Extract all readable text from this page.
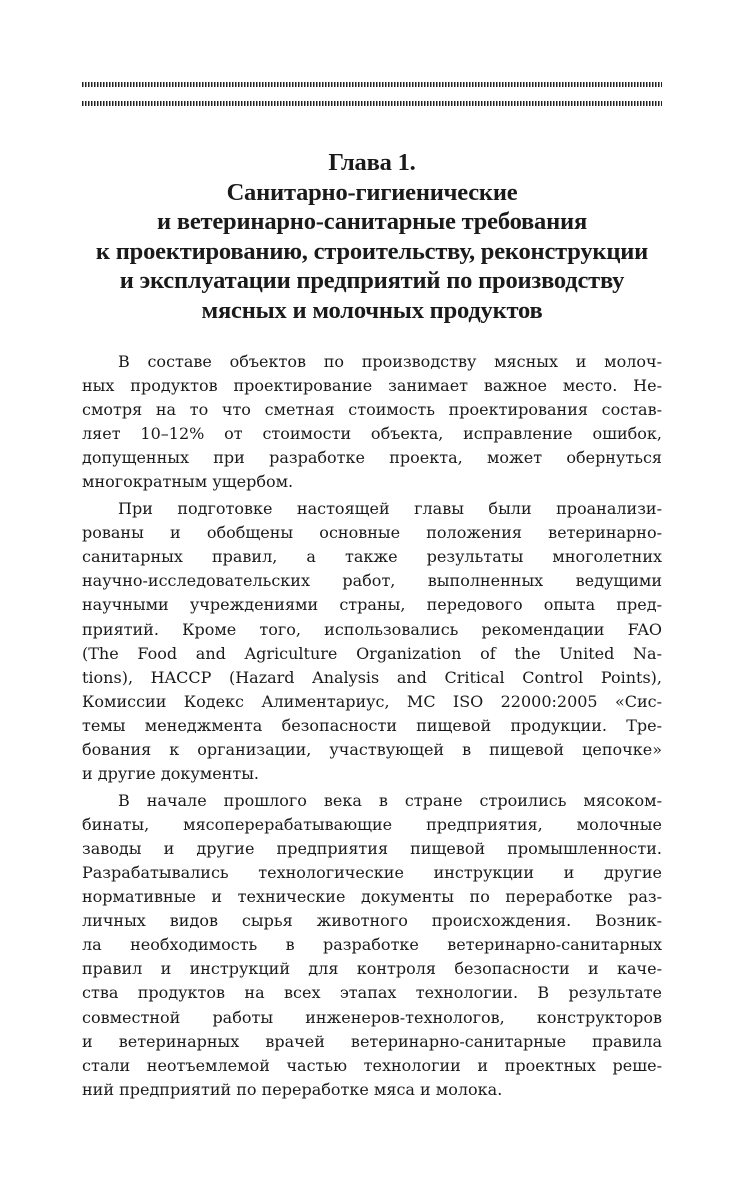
Глава 1.
Санитарно-гигиенические
и ветеринарно-санитарные требования
к проектированию, строительству, реконструкции
и эксплуатации предприятий по производству
мясных и молочных продуктов
В составе объектов по производству мясных и молоч-
ных продуктов проектирование занимает важное место. Не-
смотря на то что сметная стоимость проектирования состав-
ляет 10–12% от стоимости объекта, исправление ошибок,
допущенных при разработке проекта, может обернуться
многократным ущербом.
При подготовке настоящей главы были проанализи-
рованы и обобщены основные положения ветеринарно-
санитарных правил, а также результаты многолетних
научно-исследовательских работ, выполненных ведущими
научными учреждениями страны, передового опыта пред-
приятий. Кроме того, использовались рекомендации FAO
(The Food and Agriculture Organization of the United Na-
tions), HACCP (Hazard Analysis and Critical Control Points),
Комиссии Кодекс Алиментариус, МС ISO 22000:2005 «Сис-
темы менеджмента безопасности пищевой продукции. Тре-
бования к организации, участвующей в пищевой цепочке»
и другие документы.
В начале прошлого века в стране строились мясоком-
бинаты, мясоперерабатывающие предприятия, молочные
заводы и другие предприятия пищевой промышленности.
Разрабатывались технологические инструкции и другие
нормативные и технические документы по переработке раз-
личных видов сырья животного происхождения. Возник-
ла необходимость в разработке ветеринарно-санитарных
правил и инструкций для контроля безопасности и каче-
ства продуктов на всех этапах технологии. В результате
совместной работы инженеров-технологов, конструкторов
и ветеринарных врачей ветеринарно-санитарные правила
стали неотъемлемой частью технологии и проектных реше-
ний предприятий по переработке мяса и молока.
